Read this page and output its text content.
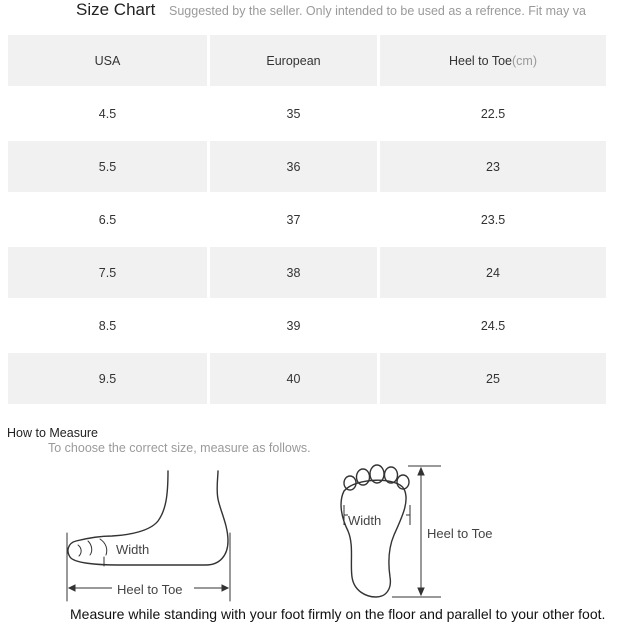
Size Chart Suggested by the seller. Only intended to be used as a refrence. Fit may va
USA	European	Heel to Toe (cm)
4.5	35	22.5
5.5	36	23
6.5	37	23.5
7.5	38	24
8.5	39	24.5
9.5	40	25
How to Measure
To choose the correct size, measure as follows.
Width
Heel to Toe
Width
Heel to Toe
Measure while standing with your foot firmly on the floor and parallel to your other foot.
